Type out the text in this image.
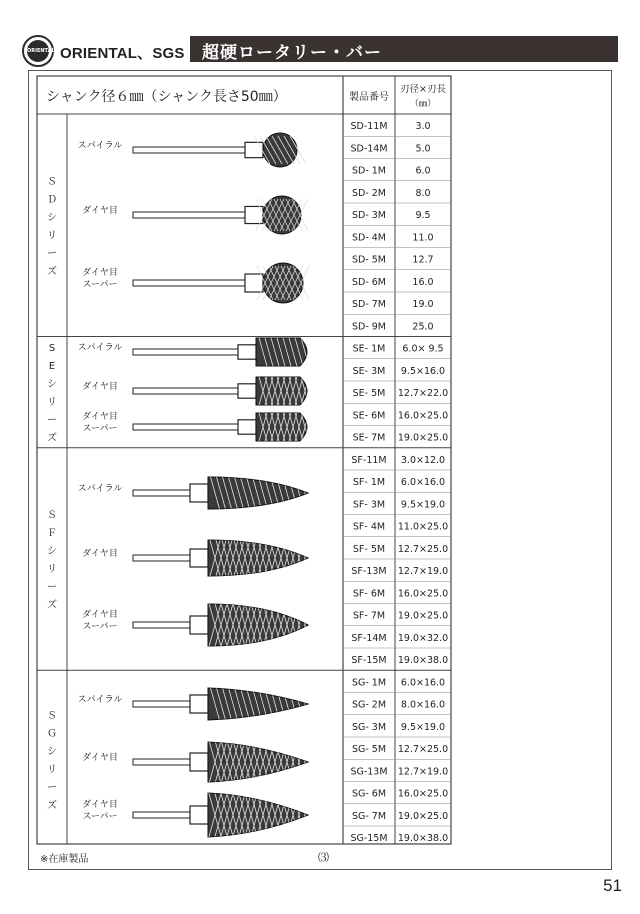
ORIENTAL ORIENTAL、SGS 超硬ロータリー・バー
シャンク径６㎜（シャンク長さ50㎜）	製品番号
刃径×刃長
（㎜）
SD-11M	3.0
SD-14M	5.0
SD- 1M	6.0
SD- 2M	8.0
SD- 3M	9.5
SD- 4M	11.0
SD- 5M	12.7
SD- 6M	16.0
SD- 7M	19.0
SD- 9M	25.0
Ｓ
Ｄ
シ
リ
ー
ズ
スパイラル
ダイヤ目
ダイヤ目
スーパー
SE- 1M 6.0× 9.5
SE- 3M 9.5×16.0
SE- 5M 12.7×22.0
SE- 6M 16.0×25.0
SE- 7M 19.0×25.0
S
E
シ
リ
ー
ズ
スパイラル
ダイヤ目
ダイヤ目
スーパー
SF-11M 3.0×12.0
SF- 1M 6.0×16.0
SF- 3M 9.5×19.0
SF- 4M 11.0×25.0
SF- 5M 12.7×25.0
SF-13M 12.7×19.0
SF- 6M 16.0×25.0
SF- 7M 19.0×25.0
SF-14M 19.0×32.0
SF-15M 19.0×38.0
Ｓ
Ｆ
シ
リ
ー
ズ
スパイラル
ダイヤ目
ダイヤ目
スーパー
SG- 1M 6.0×16.0
SG- 2M 8.0×16.0
SG- 3M 9.5×19.0
SG- 5M 12.7×25.0
SG-13M 12.7×19.0
SG- 6M 16.0×25.0
SG- 7M 19.0×25.0
SG-15M 19.0×38.0
Ｓ
Ｇ
シ
リ
ー
ズ
スパイラル
ダイヤ目
ダイヤ目
スーパー
※在庫製品	⑶
51
